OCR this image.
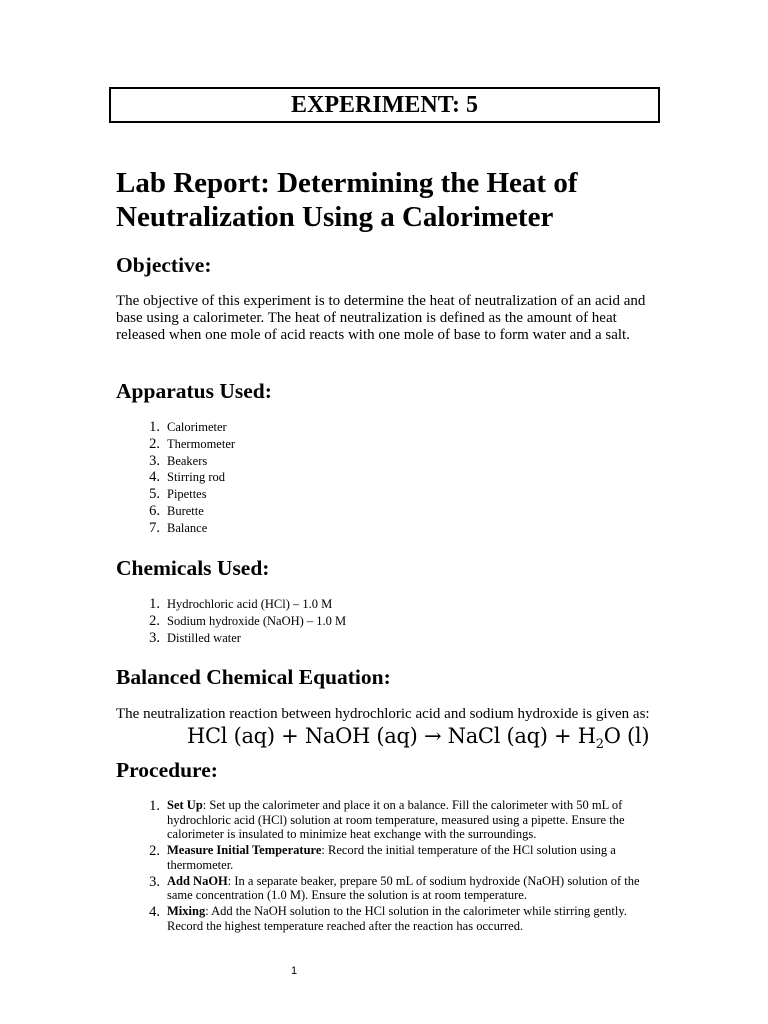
EXPERIMENT: 5
Lab Report: Determining the Heat of Neutralization Using a Calorimeter
Objective:

The objective of this experiment is to determine the heat of neutralization of an acid and base using a calorimeter. The heat of neutralization is defined as the amount of heat released when one mole of acid reacts with one mole of base to form water and a salt.

Apparatus Used:
1 . Calorimeter
2 . Thermometer
3 . Beakers
4 . Stirring rod
5 . Pipettes
6 . Burette
7 . Balance
Chemicals Used:
1 . Hydrochloric acid (HCl) – 1.0 M
2 . Sodium hydroxide (NaOH) – 1.0 M
3 . Distilled water
Balanced Chemical Equation:

The neutralization reaction between hydrochloric acid and sodium hydroxide is given as:

HCl (aq) + NaOH (aq) → NaCl $(aq) + H_2O$ (l)
Procedure:
1 . Set Up: Set up the calorimeter and place it on a balance. Fill the calorimeter with 50 mL of hydrochloric acid (HCl) solution at room temperature, measured using a pipette. Ensure the calorimeter is insulated to minimize heat exchange with the surroundings.
2 . Measure Initial Temperature: Record the initial temperature of the HCl solution using a thermometer.
3 . Add NaOH: In a separate beaker, prepare 50 mL of sodium hydroxide (NaOH) solution of the same concentration (1.0 M). Ensure the solution is at room temperature.
4 . Mixing: Add the NaOH solution to the HCl solution in the calorimeter while stirring gently. Record the highest temperature reached after the reaction has occurred.
1
